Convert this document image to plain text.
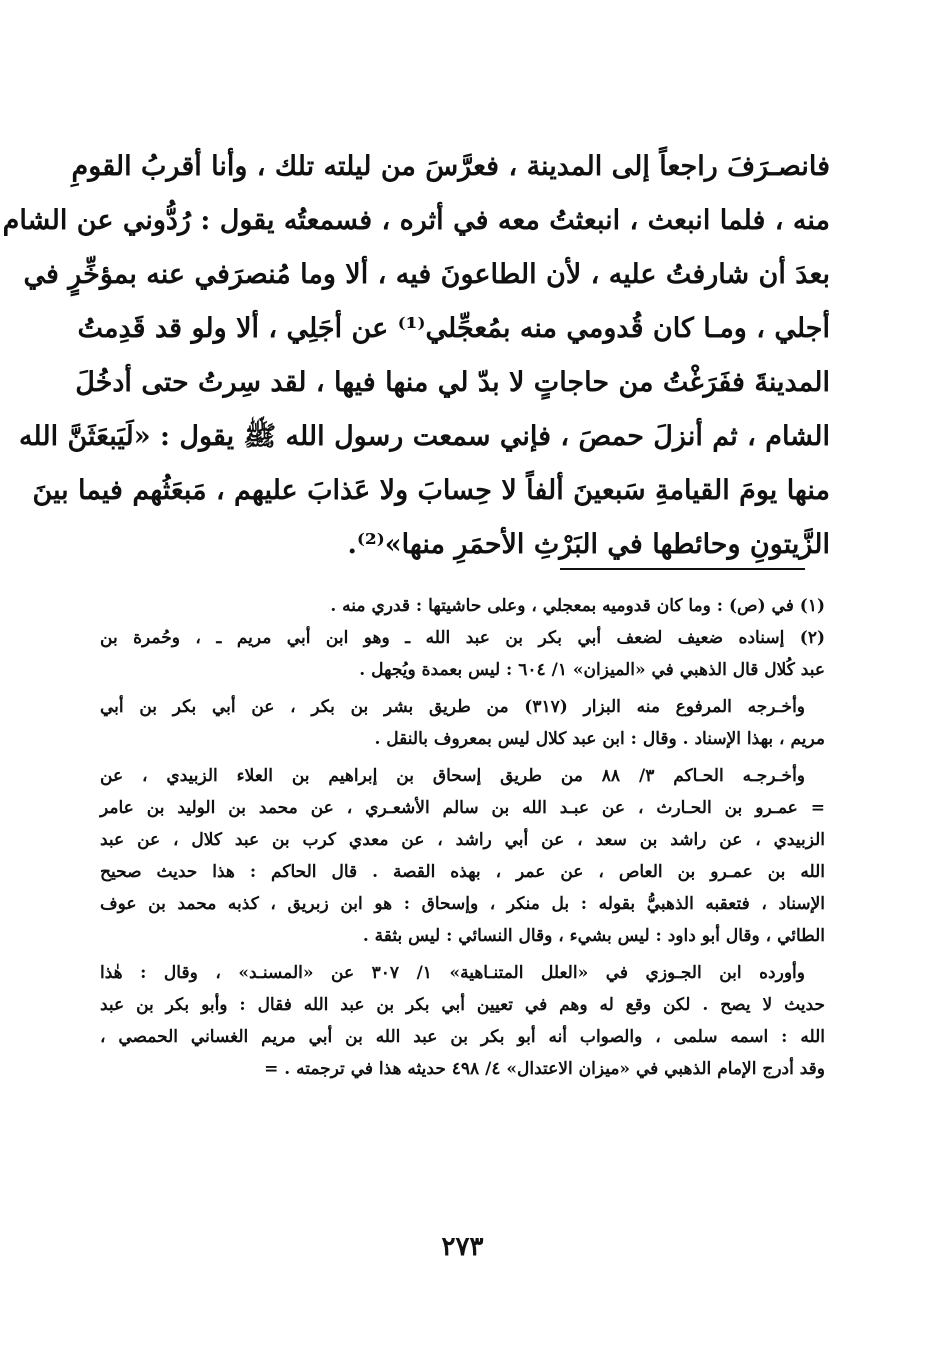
فانصـرَفَ راجعاً إلى المدينة ، فعرَّسَ من ليلته تلك ، وأنا أقربُ القومِ
منه ، فلما انبعث ، انبعثتُ معه في أثره ، فسمعتُه يقول : رُدُّوني عن الشام
بعدَ أن شارفتُ عليه ، لأن الطاعونَ فيه ، ألا وما مُنصرَفي عنه بمؤخِّرٍ في
أجلي ، ومـا كان قُدومي منه بمُعجِّلي⁽¹⁾ عن أجَلِي ، ألا ولو قد قَدِمتُ
المدينةَ ففَرَغْتُ من حاجاتٍ لا بدّ لي منها فيها ، لقد سِرتُ حتى أدخُلَ
الشام ، ثم أنزلَ حمصَ ، فإني سمعت رسول الله ﷺ يقول : «لَيَبعَثَنَّ الله
منها يومَ القيامةِ سَبعينَ ألفاً لا حِسابَ ولا عَذابَ عليهم ، مَبعَثُهم فيما بينَ
الزَّيتونِ وحائطها في البَرْثِ الأحمَرِ منها»⁽²⁾.
(١) في (ص) : وما كان قدوميه بمعجلي ، وعلى حاشيتها : قدري منه .
(٢) إسناده ضعيف لضعف أبي بكر بن عبد الله ـ وهو ابن أبي مريم ـ ، وحُمرة بن
عبد كُلال قال الذهبي في «الميزان» ١/ ٦٠٤ : ليس بعمدة ويُجهل .
وأخـرجه المرفوع منه البزار (٣١٧) من طريق بشر بن بكر ، عن أبي بكر بن أبي
مريم ، بهذا الإسناد . وقال : ابن عبد كلال ليس بمعروف بالنقل .
وأخـرجـه الحـاكم ٣/ ٨٨ من طريق إسحاق بن إبراهيم بن العلاء الزبيدي ، عن
= عمـرو بن الحـارث ، عن عبـد الله بن سالم الأشعـري ، عن محمد بن الوليد بن عامر
الزبيدي ، عن راشد بن سعد ، عن أبي راشد ، عن معدي كرب بن عبد كلال ، عن عبد
الله بن عمـرو بن العاص ، عن عمر ، بهذه القصة . قال الحاكم : هذا حديث صحيح
الإسناد ، فتعقبه الذهبيُّ بقوله : بل منكر ، وإسحاق : هو ابن زبريق ، كذبه محمد بن عوف
الطائي ، وقال أبو داود : ليس بشيء ، وقال النسائي : ليس بثقة .
وأورده ابن الجـوزي في «العلل المتنـاهية» ١/ ٣٠٧ عن «المسنـد» ، وقال : هٰذا
حديث لا يصح . لكن وقع له وهم في تعيين أبي بكر بن عبد الله فقال : وأبو بكر بن عبد
الله : اسمه سلمى ، والصواب أنه أبو بكر بن عبد الله بن أبي مريم الغساني الحمصي ،
وقد أدرج الإمام الذهبي في «ميزان الاعتدال» ٤/ ٤٩٨ حديثه هذا في ترجمته . =
٢٧٣
